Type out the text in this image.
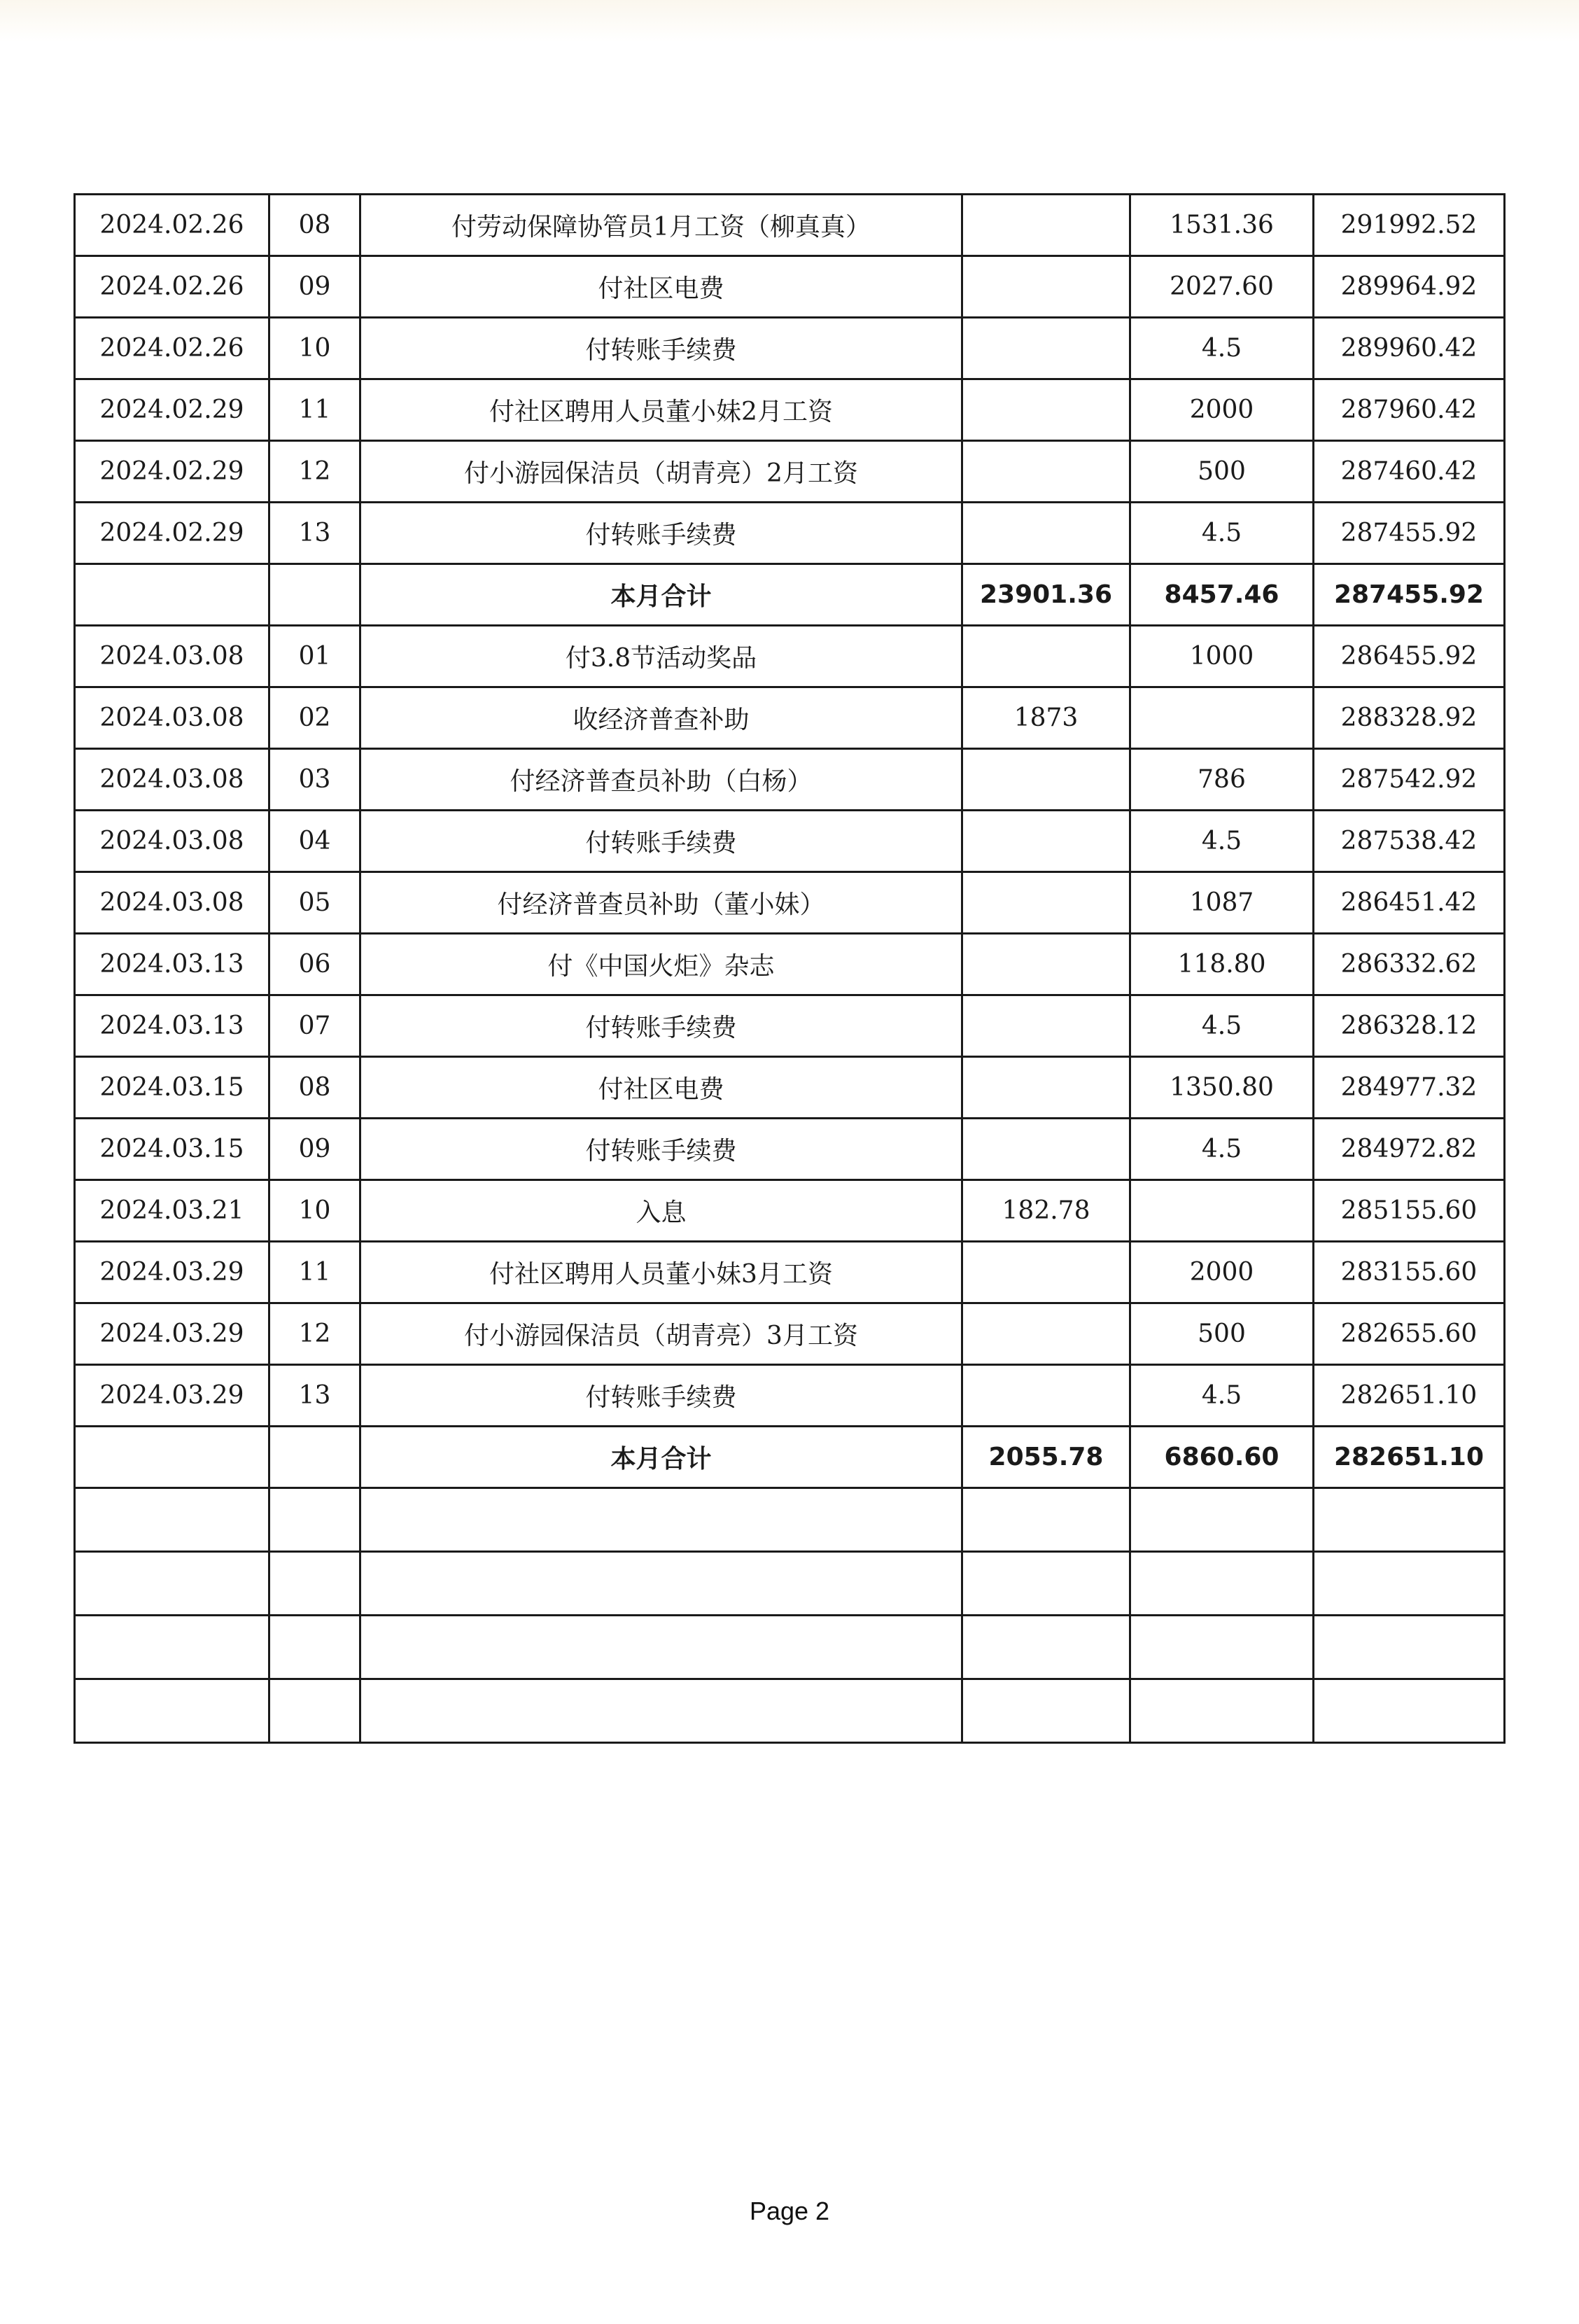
2024.02.26	08	付劳动保障协管员1月工资（柳真真）		1531.36	291992.52
2024.02.26	09	付社区电费		2027.60	289964.92
2024.02.26	10	付转账手续费		4.5	289960.42
2024.02.29	11	付社区聘用人员董小妹2月工资		2000	287960.42
2024.02.29	12	付小游园保洁员（胡青亮）2月工资		500	287460.42
2024.02.29	13	付转账手续费		4.5	287455.92
		本月合计	23901.36	8457.46	287455.92
2024.03.08	01	付3.8节活动奖品		1000	286455.92
2024.03.08	02	收经济普查补助	1873		288328.92
2024.03.08	03	付经济普查员补助（白杨）		786	287542.92
2024.03.08	04	付转账手续费		4.5	287538.42
2024.03.08	05	付经济普查员补助（董小妹）		1087	286451.42
2024.03.13	06	付《中国火炬》杂志		118.80	286332.62
2024.03.13	07	付转账手续费		4.5	286328.12
2024.03.15	08	付社区电费		1350.80	284977.32
2024.03.15	09	付转账手续费		4.5	284972.82
2024.03.21	10	入息	182.78		285155.60
2024.03.29	11	付社区聘用人员董小妹3月工资		2000	283155.60
2024.03.29	12	付小游园保洁员（胡青亮）3月工资		500	282655.60
2024.03.29	13	付转账手续费		4.5	282651.10
		本月合计	2055.78	6860.60	282651.10

Page 2
